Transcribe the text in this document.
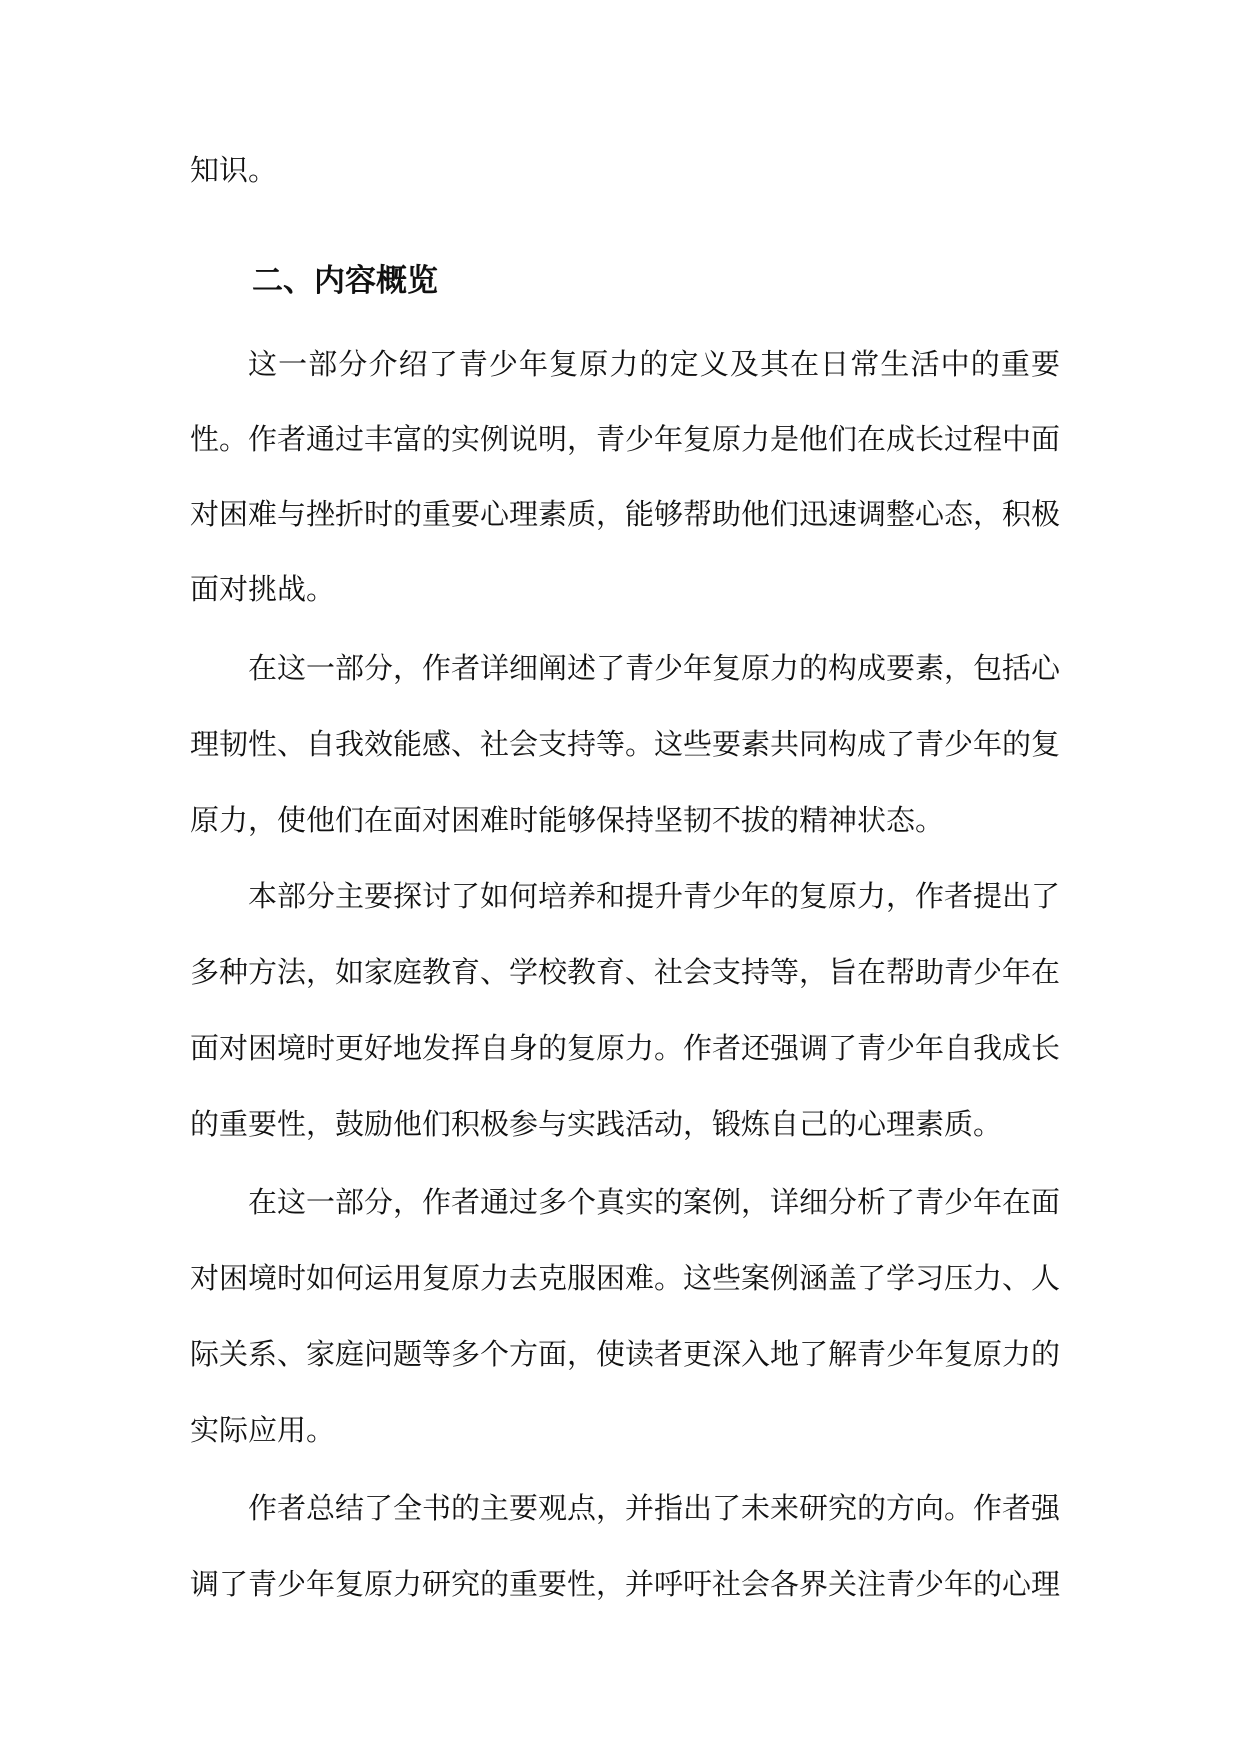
知识。
二、内容概览
这一部分介绍了青少年复原力的定义及其在日常生活中的重要
性。作者通过丰富的实例说明，青少年复原力是他们在成长过程中面
对困难与挫折时的重要心理素质，能够帮助他们迅速调整心态，积极
面对挑战。
在这一部分，作者详细阐述了青少年复原力的构成要素，包括心
理韧性、自我效能感、社会支持等。这些要素共同构成了青少年的复
原力，使他们在面对困难时能够保持坚韧不拔的精神状态。
本部分主要探讨了如何培养和提升青少年的复原力，作者提出了
多种方法，如家庭教育、学校教育、社会支持等，旨在帮助青少年在
面对困境时更好地发挥自身的复原力。作者还强调了青少年自我成长
的重要性，鼓励他们积极参与实践活动，锻炼自己的心理素质。
在这一部分，作者通过多个真实的案例，详细分析了青少年在面
对困境时如何运用复原力去克服困难。这些案例涵盖了学习压力、人
际关系、家庭问题等多个方面，使读者更深入地了解青少年复原力的
实际应用。
作者总结了全书的主要观点，并指出了未来研究的方向。作者强
调了青少年复原力研究的重要性，并呼吁社会各界关注青少年的心理
